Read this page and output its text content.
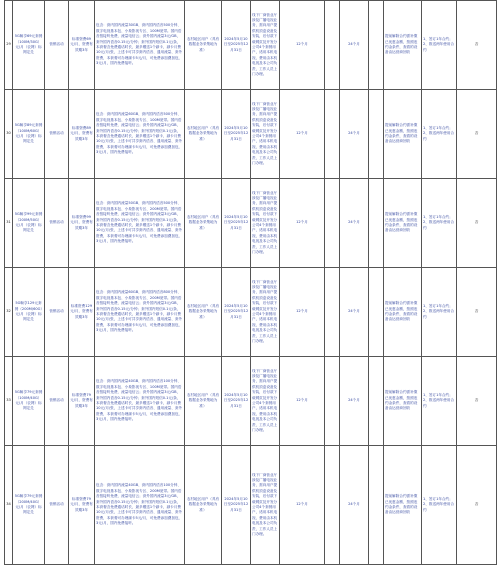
29	5G畅享69元套餐（100M/30G）元/月（农网）标网定兑	营销活动	标准资费69元/月，资费有效期3年	包含：套内国内流量30GB、套内国内语音500分钟、数字电视基本包、小象影视专区、100M宽带。国内语音按接听免费，流量电信云；套外国内流量3元/GB，套外国内语音0.15元/分钟；套外国内短信0.1元/条，本套餐含免费通话时长，最多赠送1个副卡，副卡月费10元/月/张，上述卡可共享套内语音、通用流量、套外资费，本套餐可办理副卡5元/月，可免费添加叠加包，3元/月，国内免费接听。	农村地区用户（具有数据业务采集地为准）	2024年5月10日至2025年12月31日	线下厂商营业厅涉及广播电视业务，需向用户提供机顶盒设备及安装，后付款下载网页及开发分公司4个套餐用户，适用本机电视，费用由本机电视及本公司负责，工作人员上门办理。	12个月		24个月		提前解除合约需补缴已优惠金额，按照违约金条件，查看的设备由运营商回收	1、签订1年合约；2、推送两年使用合约	否
30	5G畅享89元套餐（100M/60G）元/月（农网）标网定兑	营销活动	标准资费89元/月，资费有效期3年	包含：套内国内流量60GB、套内国内语音500分钟、数字电视基本包、小象影视专区、100M宽带。国内语音按接听免费，流量电信云；套外国内流量3元/GB，套外国内语音0.15元/分钟；套外国内短信0.1元/条，本套餐含免费通话时长，最多赠送1个副卡，副卡月费10元/月/张，上述卡可共享套内语音、通用流量、套外资费，本套餐可办理副卡5元/月，可免费添加叠加包，3元/月，国内免费接听。	农村地区用户（具有数据业务采集地为准）	2024年5月10日至2025年12月31日	线下厂商营业厅涉及广播电视业务，需向用户提供机顶盒设备及安装，后付款下载网页及开发分公司4个套餐用户，适用本机电视，费用由本机电视及本公司负责，工作人员上门办理。	12个月		24个月		提前解除合约需补缴已优惠金额，按照违约金条件，查看的设备由运营商回收	1、签订1年合约；2、推送两年使用合约	否
31	5G畅享99元套餐（200M/50G）元/月（农网）标网定兑	营销活动	标准资费99元/月，资费有效期3年	包含：套内国内流量50GB、套内国内语音500分钟、数字电视基本包、小象影视专区、200M宽带。国内语音按接听免费，流量电信云；套外国内流量3元/GB，套外国内语音0.15元/分钟；套外国内短信0.1元/条，本套餐含免费通话时长，最多赠送1个副卡，副卡月费10元/月/张，上述卡可共享套内语音、通用流量、套外资费，本套餐可办理副卡5元/月，可免费添加叠加包，3元/月，国内免费接听。	农村地区用户（具有数据业务采集地为准）	2024年5月10日至2025年12月31日	线下厂商营业厅涉及广播电视业务，需向用户提供机顶盒设备及安装，后付款下载网页及开发分公司4个套餐用户，适用本机电视，费用由本机电视及本公司负责，工作人员上门办理。	12个月		24个月		提前解除合约需补缴已优惠金额，按照违约金条件，查看的设备由运营商回收	1、签订1年合约；2、推送两年使用合约	否
32	5G畅享129元套餐（200M/60G）元/月（农网）标网定兑	营销活动	标准资费129元/月，资费有效期3年	包含：套内国内流量60GB、套内国内语音800分钟、数字电视基本包、小象影视专区、200M宽带。国内语音按接听免费，流量电信云；套外国内流量3元/GB，套外国内语音0.15元/分钟；套外国内短信0.1元/条，本套餐含免费通话时长，最多赠送1个副卡，副卡月费10元/月/张，上述卡可共享套内语音、通用流量、套外资费，本套餐可办理副卡5元/月，可免费添加叠加包，3元/月，国内免费接听。	农村地区用户（具有数据业务采集地为准）	2024年5月10日至2025年12月31日	线下厂商营业厅涉及广播电视业务，需向用户提供机顶盒设备及安装，后付款下载网页及开发分公司4个套餐用户，适用本机电视，费用由本机电视及本公司负责，工作人员上门办理。	12个月		24个月		提前解除合约需补缴已优惠金额，按照违约金条件，查看的设备由运营商回收	1、签订1年合约；2、推送两年使用合约	否
33	5G畅享79元套餐（100M/40G）元/月（农网）标网定兑	营销活动	标准资费79元/月，资费有效期3年	包含：套内国内流量40GB、套内国内语音100分钟、数字电视基本包、小象影视专区、100M宽带。国内语音按接听免费，流量电信云；套外国内流量3元/GB，套外国内语音0.15元/分钟；套外国内短信0.1元/条，本套餐含免费通话时长，最多赠送1个副卡，副卡月费10元/月/张，上述卡可共享套内语音、通用流量、套外资费，本套餐可办理副卡5元/月，可免费添加叠加包，3元/月，国内免费接听。	农村地区用户（具有数据业务采集地为准）	2024年5月10日至2025年12月31日	线下厂商营业厅涉及广播电视业务，需向用户提供机顶盒设备及安装，后付款下载网页及开发分公司4个套餐用户，适用本机电视，费用由本机电视及本公司负责，工作人员上门办理。	12个月		24个月		提前解除合约需补缴已优惠金额，按照违约金条件，查看的设备由运营商回收	1、签订1年合约；2、推送两年使用合约	否
34	5G畅享79元套餐（200M/40G）元/月（农网）标网定兑	营销活动	标准资费79元/月，资费有效期3年	包含：套内国内流量40GB、套内国内语音100分钟、数字电视基本包、小象影视专区、200M宽带。国内语音按接听免费，流量电信云；套外国内流量3元/GB，套外国内语音0.15元/分钟；套外国内短信0.1元/条，本套餐含免费通话时长，最多赠送1个副卡，副卡月费10元/月/张，上述卡可共享套内语音、通用流量、套外资费，本套餐可办理副卡5元/月，可免费添加叠加包，3元/月，国内免费接听。	农村地区用户（具有数据业务采集地为准）	2024年5月10日至2025年12月31日	线下厂商营业厅涉及广播电视业务，需向用户提供机顶盒设备及安装，后付款下载网页及开发分公司4个套餐用户，适用本机电视，费用由本机电视及本公司负责，工作人员上门办理。	12个月		24个月		提前解除合约需补缴已优惠金额，按照违约金条件，查看的设备由运营商回收	1、签订1年合约；2、推送两年使用合约	否
